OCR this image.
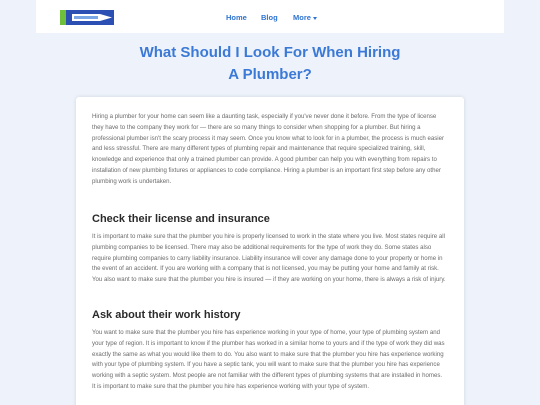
Home Blog More
What Should I Look For When Hiring
A Plumber?

Hiring a plumber for your home can seem like a daunting task, especially if you've never done it before. From the type of license they have to the company they work for — there are so many things to consider when shopping for a plumber. But hiring a professional plumber isn't the scary process it may seem. Once you know what to look for in a plumber, the process is much easier and less stressful. There are many different types of plumbing repair and maintenance that require specialized training, skill, knowledge and experience that only a trained plumber can provide. A good plumber can help you with everything from repairs to installation of new plumbing fixtures or appliances to code compliance. Hiring a plumber is an important first step before any other plumbing work is undertaken.

Check their license and insurance

It is important to make sure that the plumber you hire is properly licensed to work in the state where you live. Most states require all plumbing companies to be licensed. There may also be additional requirements for the type of work they do. Some states also require plumbing companies to carry liability insurance. Liability insurance will cover any damage done to your property or home in the event of an accident. If you are working with a company that is not licensed, you may be putting your home and family at risk. You also want to make sure that the plumber you hire is insured — if they are working on your home, there is always a risk of injury.

Ask about their work history

You want to make sure that the plumber you hire has experience working in your type of home, your type of plumbing system and your type of region. It is important to know if the plumber has worked in a similar home to yours and if the type of work they did was exactly the same as what you would like them to do. You also want to make sure that the plumber you hire has experience working with your type of plumbing system. If you have a septic tank, you will want to make sure that the plumber you hire has experience working with a septic system. Most people are not familiar with the different types of plumbing systems that are installed in homes. It is important to make sure that the plumber you hire has experience working with your type of system.
